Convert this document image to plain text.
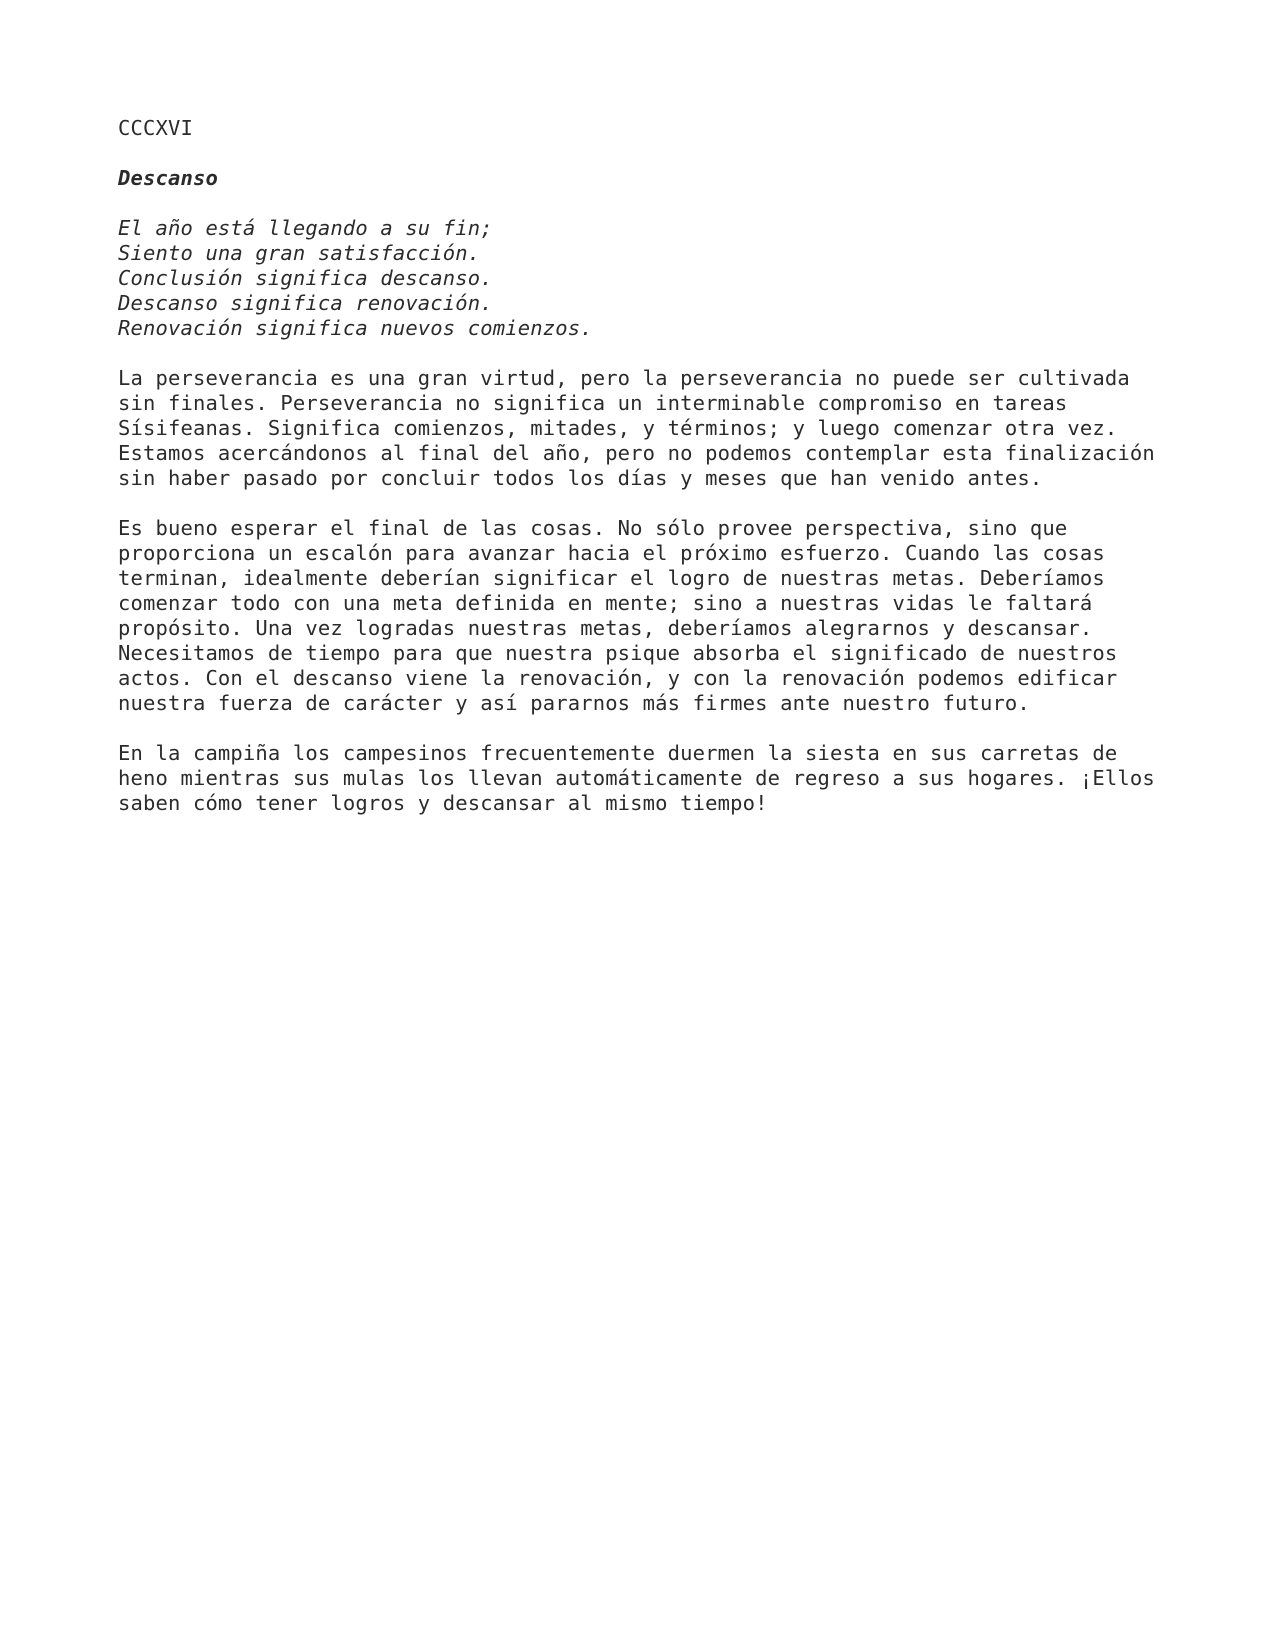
CCCXVI
Descanso
El año está llegando a su fin;
Siento una gran satisfacción.
Conclusión significa descanso.
Descanso significa renovación.
Renovación significa nuevos comienzos.
La perseverancia es una gran virtud, pero la perseverancia no puede ser cultivada
sin finales. Perseverancia no significa un interminable compromiso en tareas
Sísifeanas. Significa comienzos, mitades, y términos; y luego comenzar otra vez.
Estamos acercándonos al final del año, pero no podemos contemplar esta finalización
sin haber pasado por concluir todos los días y meses que han venido antes.
Es bueno esperar el final de las cosas. No sólo provee perspectiva, sino que
proporciona un escalón para avanzar hacia el próximo esfuerzo. Cuando las cosas
terminan, idealmente deberían significar el logro de nuestras metas. Deberíamos
comenzar todo con una meta definida en mente; sino a nuestras vidas le faltará
propósito. Una vez logradas nuestras metas, deberíamos alegrarnos y descansar.
Necesitamos de tiempo para que nuestra psique absorba el significado de nuestros
actos. Con el descanso viene la renovación, y con la renovación podemos edificar
nuestra fuerza de carácter y así pararnos más firmes ante nuestro futuro.
En la campiña los campesinos frecuentemente duermen la siesta en sus carretas de
heno mientras sus mulas los llevan automáticamente de regreso a sus hogares. ¡Ellos
saben cómo tener logros y descansar al mismo tiempo!
